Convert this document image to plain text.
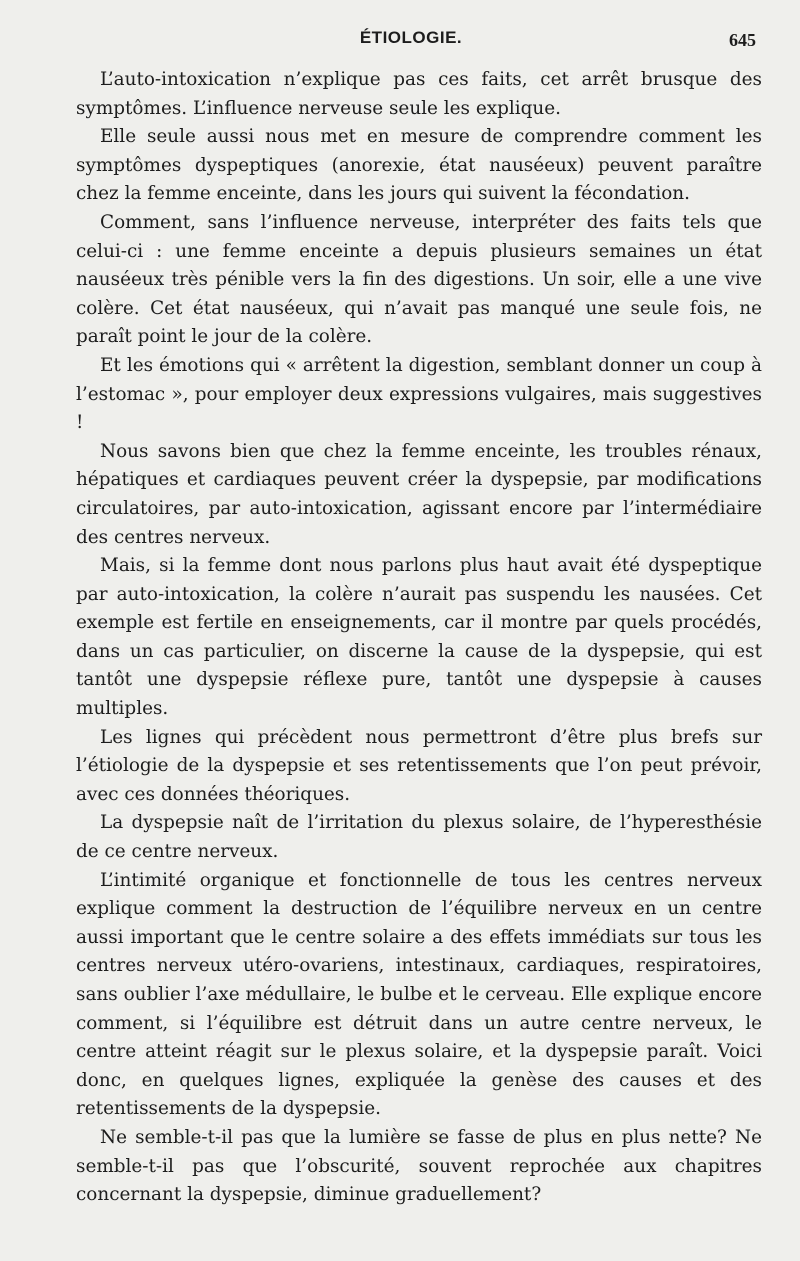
ÉTIOLOGIE.	645

L’auto-intoxication n’explique pas ces faits, cet arrêt brusque des symptômes. L’influence nerveuse seule les explique.

Elle seule aussi nous met en mesure de comprendre comment les symptômes dyspeptiques (anorexie, état nauséeux) peuvent paraître chez la femme enceinte, dans les jours qui suivent la fécondation.

Comment, sans l’influence nerveuse, interpréter des faits tels que celui-ci : une femme enceinte a depuis plusieurs semaines un état nauséeux très pénible vers la fin des digestions. Un soir, elle a une vive colère. Cet état nauséeux, qui n’avait pas manqué une seule fois, ne paraît point le jour de la colère.

Et les émotions qui « arrêtent la digestion, semblant donner un coup à l’estomac », pour employer deux expressions vulgaires, mais suggestives !

Nous savons bien que chez la femme enceinte, les troubles rénaux, hépatiques et cardiaques peuvent créer la dyspepsie, par modifications circulatoires, par auto-intoxication, agissant encore par l’intermédiaire des centres nerveux.

Mais, si la femme dont nous parlons plus haut avait été dyspeptique par auto-intoxication, la colère n’aurait pas suspendu les nausées. Cet exemple est fertile en enseignements, car il montre par quels procédés, dans un cas particulier, on discerne la cause de la dyspepsie, qui est tantôt une dyspepsie réflexe pure, tantôt une dyspepsie à causes multiples.

Les lignes qui précèdent nous permettront d’être plus brefs sur l’étiologie de la dyspepsie et ses retentissements que l’on peut prévoir, avec ces données théoriques.

La dyspepsie naît de l’irritation du plexus solaire, de l’hyperesthésie de ce centre nerveux.

L’intimité organique et fonctionnelle de tous les centres nerveux explique comment la destruction de l’équilibre nerveux en un centre aussi important que le centre solaire a des effets immédiats sur tous les centres nerveux utéro-ovariens, intestinaux, cardiaques, respiratoires, sans oublier l’axe médullaire, le bulbe et le cerveau. Elle explique encore comment, si l’équilibre est détruit dans un autre centre nerveux, le centre atteint réagit sur le plexus solaire, et la dyspepsie paraît. Voici donc, en quelques lignes, expliquée la genèse des causes et des retentissements de la dyspepsie.

Ne semble-t-il pas que la lumière se fasse de plus en plus nette? Ne semble-t-il pas que l’obscurité, souvent reprochée aux chapitres concernant la dyspepsie, diminue graduellement?
